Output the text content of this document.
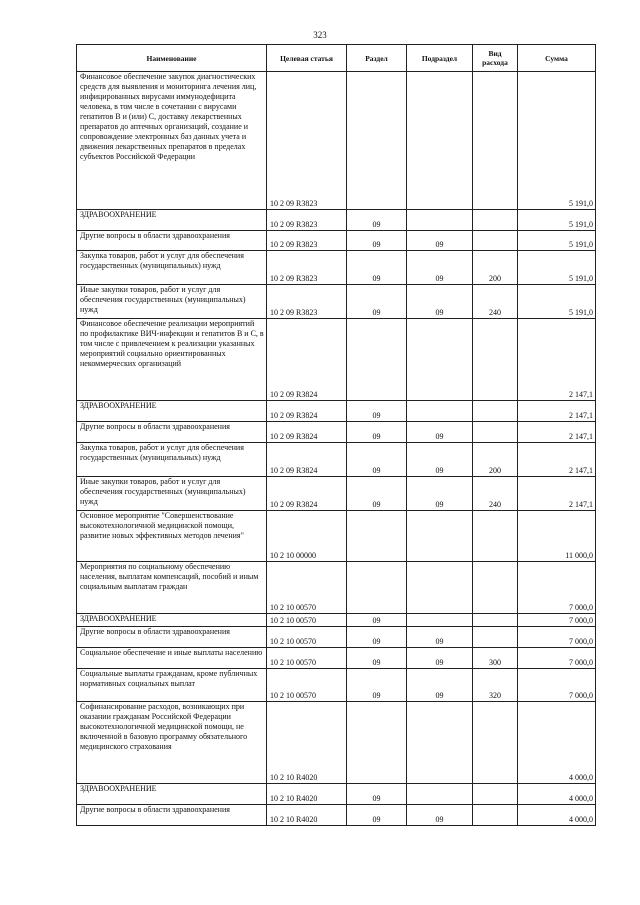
323
Наименование	Целевая статья	Раздел	Подраздел	Вид расхода	Сумма
Финансовое обеспечение закупок диагностических средств для выявления и мониторинга лечения лиц, инфицированных вирусами иммунодефицита человека, в том числе в сочетании с вирусами гепатитов B и (или) C, доставку лекарственных препаратов до аптечных организаций, создание и сопровождение электронных баз данных учета и движения лекарственных препаратов в пределах субъектов Российской Федерации	10 2 09 R3823				5 191,0
ЗДРАВООХРАНЕНИЕ	10 2 09 R3823	09			5 191,0
Другие вопросы в области здравоохранения	10 2 09 R3823	09	09		5 191,0
Закупка товаров, работ и услуг для обеспечения государственных (муниципальных) нужд	10 2 09 R3823	09	09	200	5 191,0
Иные закупки товаров, работ и услуг для обеспечения государственных (муниципальных) нужд	10 2 09 R3823	09	09	240	5 191,0
Финансовое обеспечение реализации мероприятий по профилактике ВИЧ-инфекции и гепатитов B и C, в том числе с привлечением к реализации указанных мероприятий социально ориентированных некоммерческих организаций	10 2 09 R3824				2 147,1
ЗДРАВООХРАНЕНИЕ	10 2 09 R3824	09			2 147,1
Другие вопросы в области здравоохранения	10 2 09 R3824	09	09		2 147,1
Закупка товаров, работ и услуг для обеспечения государственных (муниципальных) нужд	10 2 09 R3824	09	09	200	2 147,1
Иные закупки товаров, работ и услуг для обеспечения государственных (муниципальных) нужд	10 2 09 R3824	09	09	240	2 147,1
Основное мероприятие "Совершенствование высокотехнологичной медицинской помощи, развитие новых эффективных методов лечения"	10 2 10 00000				11 000,0
Мероприятия по социальному обеспечению населения, выплатам компенсаций, пособий и иным социальным выплатам граждан	10 2 10 00570				7 000,0
ЗДРАВООХРАНЕНИЕ	10 2 10 00570	09			7 000,0
Другие вопросы в области здравоохранения	10 2 10 00570	09	09		7 000,0
Социальное обеспечение и иные выплаты населению	10 2 10 00570	09	09	300	7 000,0
Социальные выплаты гражданам, кроме публичных нормативных социальных выплат	10 2 10 00570	09	09	320	7 000,0
Софинансирование расходов, возникающих при оказании гражданам Российской Федерации высокотехнологичной медицинской помощи, не включенной в базовую программу обязательного медицинского страхования	10 2 10 R4020				4 000,0
ЗДРАВООХРАНЕНИЕ	10 2 10 R4020	09			4 000,0
Другие вопросы в области здравоохранения	10 2 10 R4020	09	09		4 000,0
